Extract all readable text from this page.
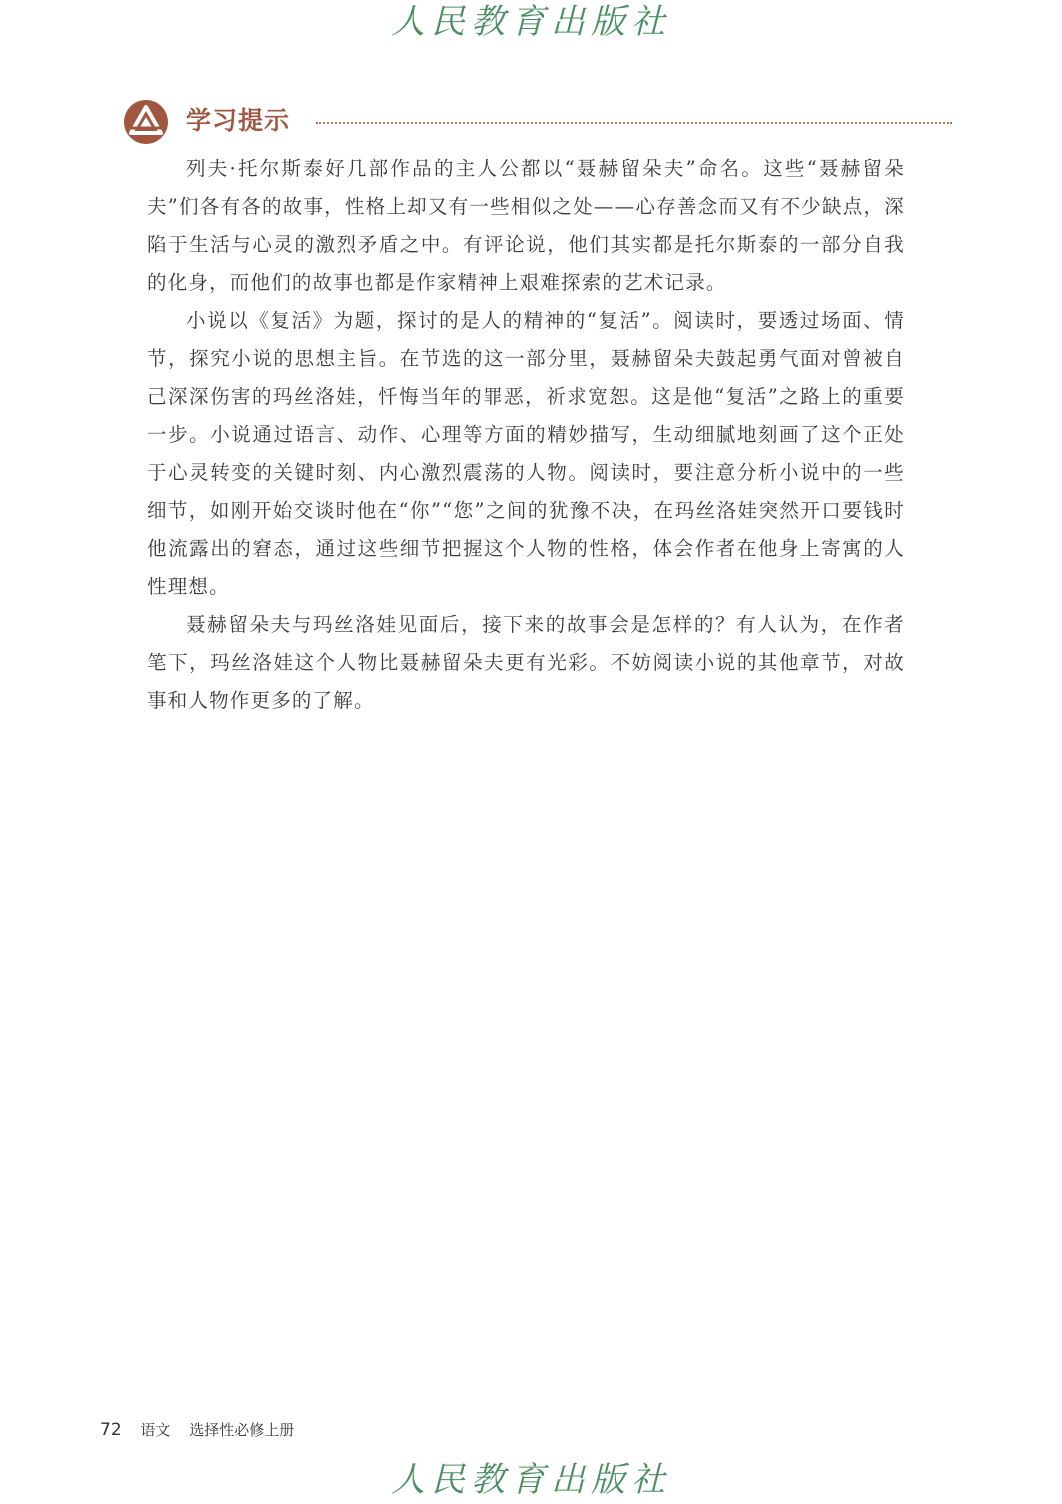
人民教育出版社
学习提示

列夫·托尔斯泰好几部作品的主人公都以“聂赫留朵夫”命名。这些“聂赫留朵夫”们各有各的故事，性格上却又有一些相似之处——心存善念而又有不少缺点，深陷于生活与心灵的激烈矛盾之中。有评论说，他们其实都是托尔斯泰的一部分自我的化身，而他们的故事也都是作家精神上艰难探索的艺术记录。

小说以《复活》为题，探讨的是人的精神的“复活”。阅读时，要透过场面、情节，探究小说的思想主旨。在节选的这一部分里，聂赫留朵夫鼓起勇气面对曾被自己深深伤害的玛丝洛娃，忏悔当年的罪恶，祈求宽恕。这是他“复活”之路上的重要一步。小说通过语言、动作、心理等方面的精妙描写，生动细腻地刻画了这个正处于心灵转变的关键时刻、内心激烈震荡的人物。阅读时，要注意分析小说中的一些细节，如刚开始交谈时他在“你”“您”之间的犹豫不决，在玛丝洛娃突然开口要钱时他流露出的窘态，通过这些细节把握这个人物的性格，体会作者在他身上寄寓的人性理想。

聂赫留朵夫与玛丝洛娃见面后，接下来的故事会是怎样的？有人认为，在作者笔下，玛丝洛娃这个人物比聂赫留朵夫更有光彩。不妨阅读小说的其他章节，对故事和人物作更多的了解。

72 语文 选择性必修上册
人民教育出版社
